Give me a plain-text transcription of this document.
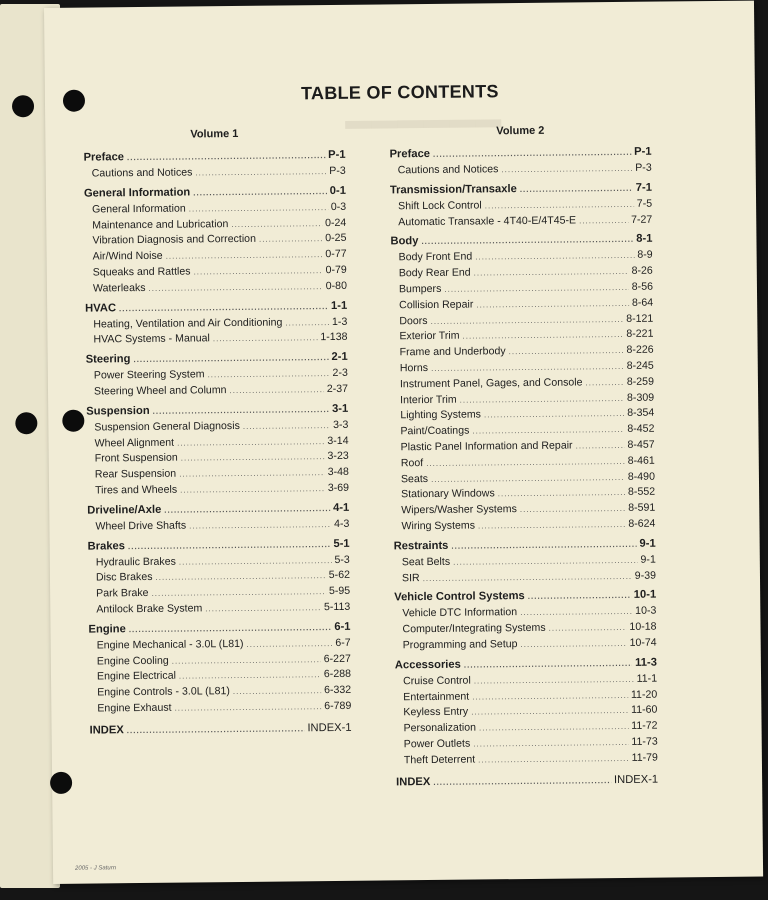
▬▬▬▬▬▬
TABLE OF CONTENTS
Volume 1
Preface .....	P-1
Cautions and Notices .....	P-3
General Information .....	0-1
General Information .....	0-3
Maintenance and Lubrication .....	0-24
Vibration Diagnosis and Correction .....	0-25
Air/Wind Noise .....	0-77
Squeaks and Rattles .....	0-79
Waterleaks .....	0-80
HVAC .....	1-1
Heating, Ventilation and Air Conditioning .....	1-3
HVAC Systems - Manual .....	1-138
Steering .....	2-1
Power Steering System .....	2-3
Steering Wheel and Column .....	2-37
Suspension .....	3-1
Suspension General Diagnosis .....	3-3
Wheel Alignment .....	3-14
Front Suspension .....	3-23
Rear Suspension .....	3-48
Tires and Wheels .....	3-69
Driveline/Axle .....	4-1
Wheel Drive Shafts .....	4-3
Brakes .....	5-1
Hydraulic Brakes .....	5-3
Disc Brakes .....	5-62
Park Brake .....	5-95
Antilock Brake System .....	5-113
Engine .....	6-1
Engine Mechanical - 3.0L (L81) .....	6-7
Engine Cooling .....	6-227
Engine Electrical .....	6-288
Engine Controls - 3.0L (L81) .....	6-332
Engine Exhaust .....	6-789
INDEX .....	INDEX-1
Volume 2
Preface .....	P-1
Cautions and Notices .....	P-3
Transmission/Transaxle .....	7-1
Shift Lock Control .....	7-5
Automatic Transaxle - 4T40-E/4T45-E .....	7-27
Body .....	8-1
Body Front End .....	8-9
Body Rear End .....	8-26
Bumpers .....	8-56
Collision Repair .....	8-64
Doors .....	8-121
Exterior Trim .....	8-221
Frame and Underbody .....	8-226
Horns .....	8-245
Instrument Panel, Gages, and Console .....	8-259
Interior Trim .....	8-309
Lighting Systems .....	8-354
Paint/Coatings .....	8-452
Plastic Panel Information and Repair .....	8-457
Roof .....	8-461
Seats .....	8-490
Stationary Windows .....	8-552
Wipers/Washer Systems .....	8-591
Wiring Systems .....	8-624
Restraints .....	9-1
Seat Belts .....	9-1
SIR .....	9-39
Vehicle Control Systems .....	10-1
Vehicle DTC Information .....	10-3
Computer/Integrating Systems .....	10-18
Programming and Setup .....	10-74
Accessories .....	11-3
Cruise Control .....	11-1
Entertainment .....	11-20
Keyless Entry .....	11-60
Personalization .....	11-72
Power Outlets .....	11-73
Theft Deterrent .....	11-79
INDEX .....	INDEX-1
2005 - J Saturn
